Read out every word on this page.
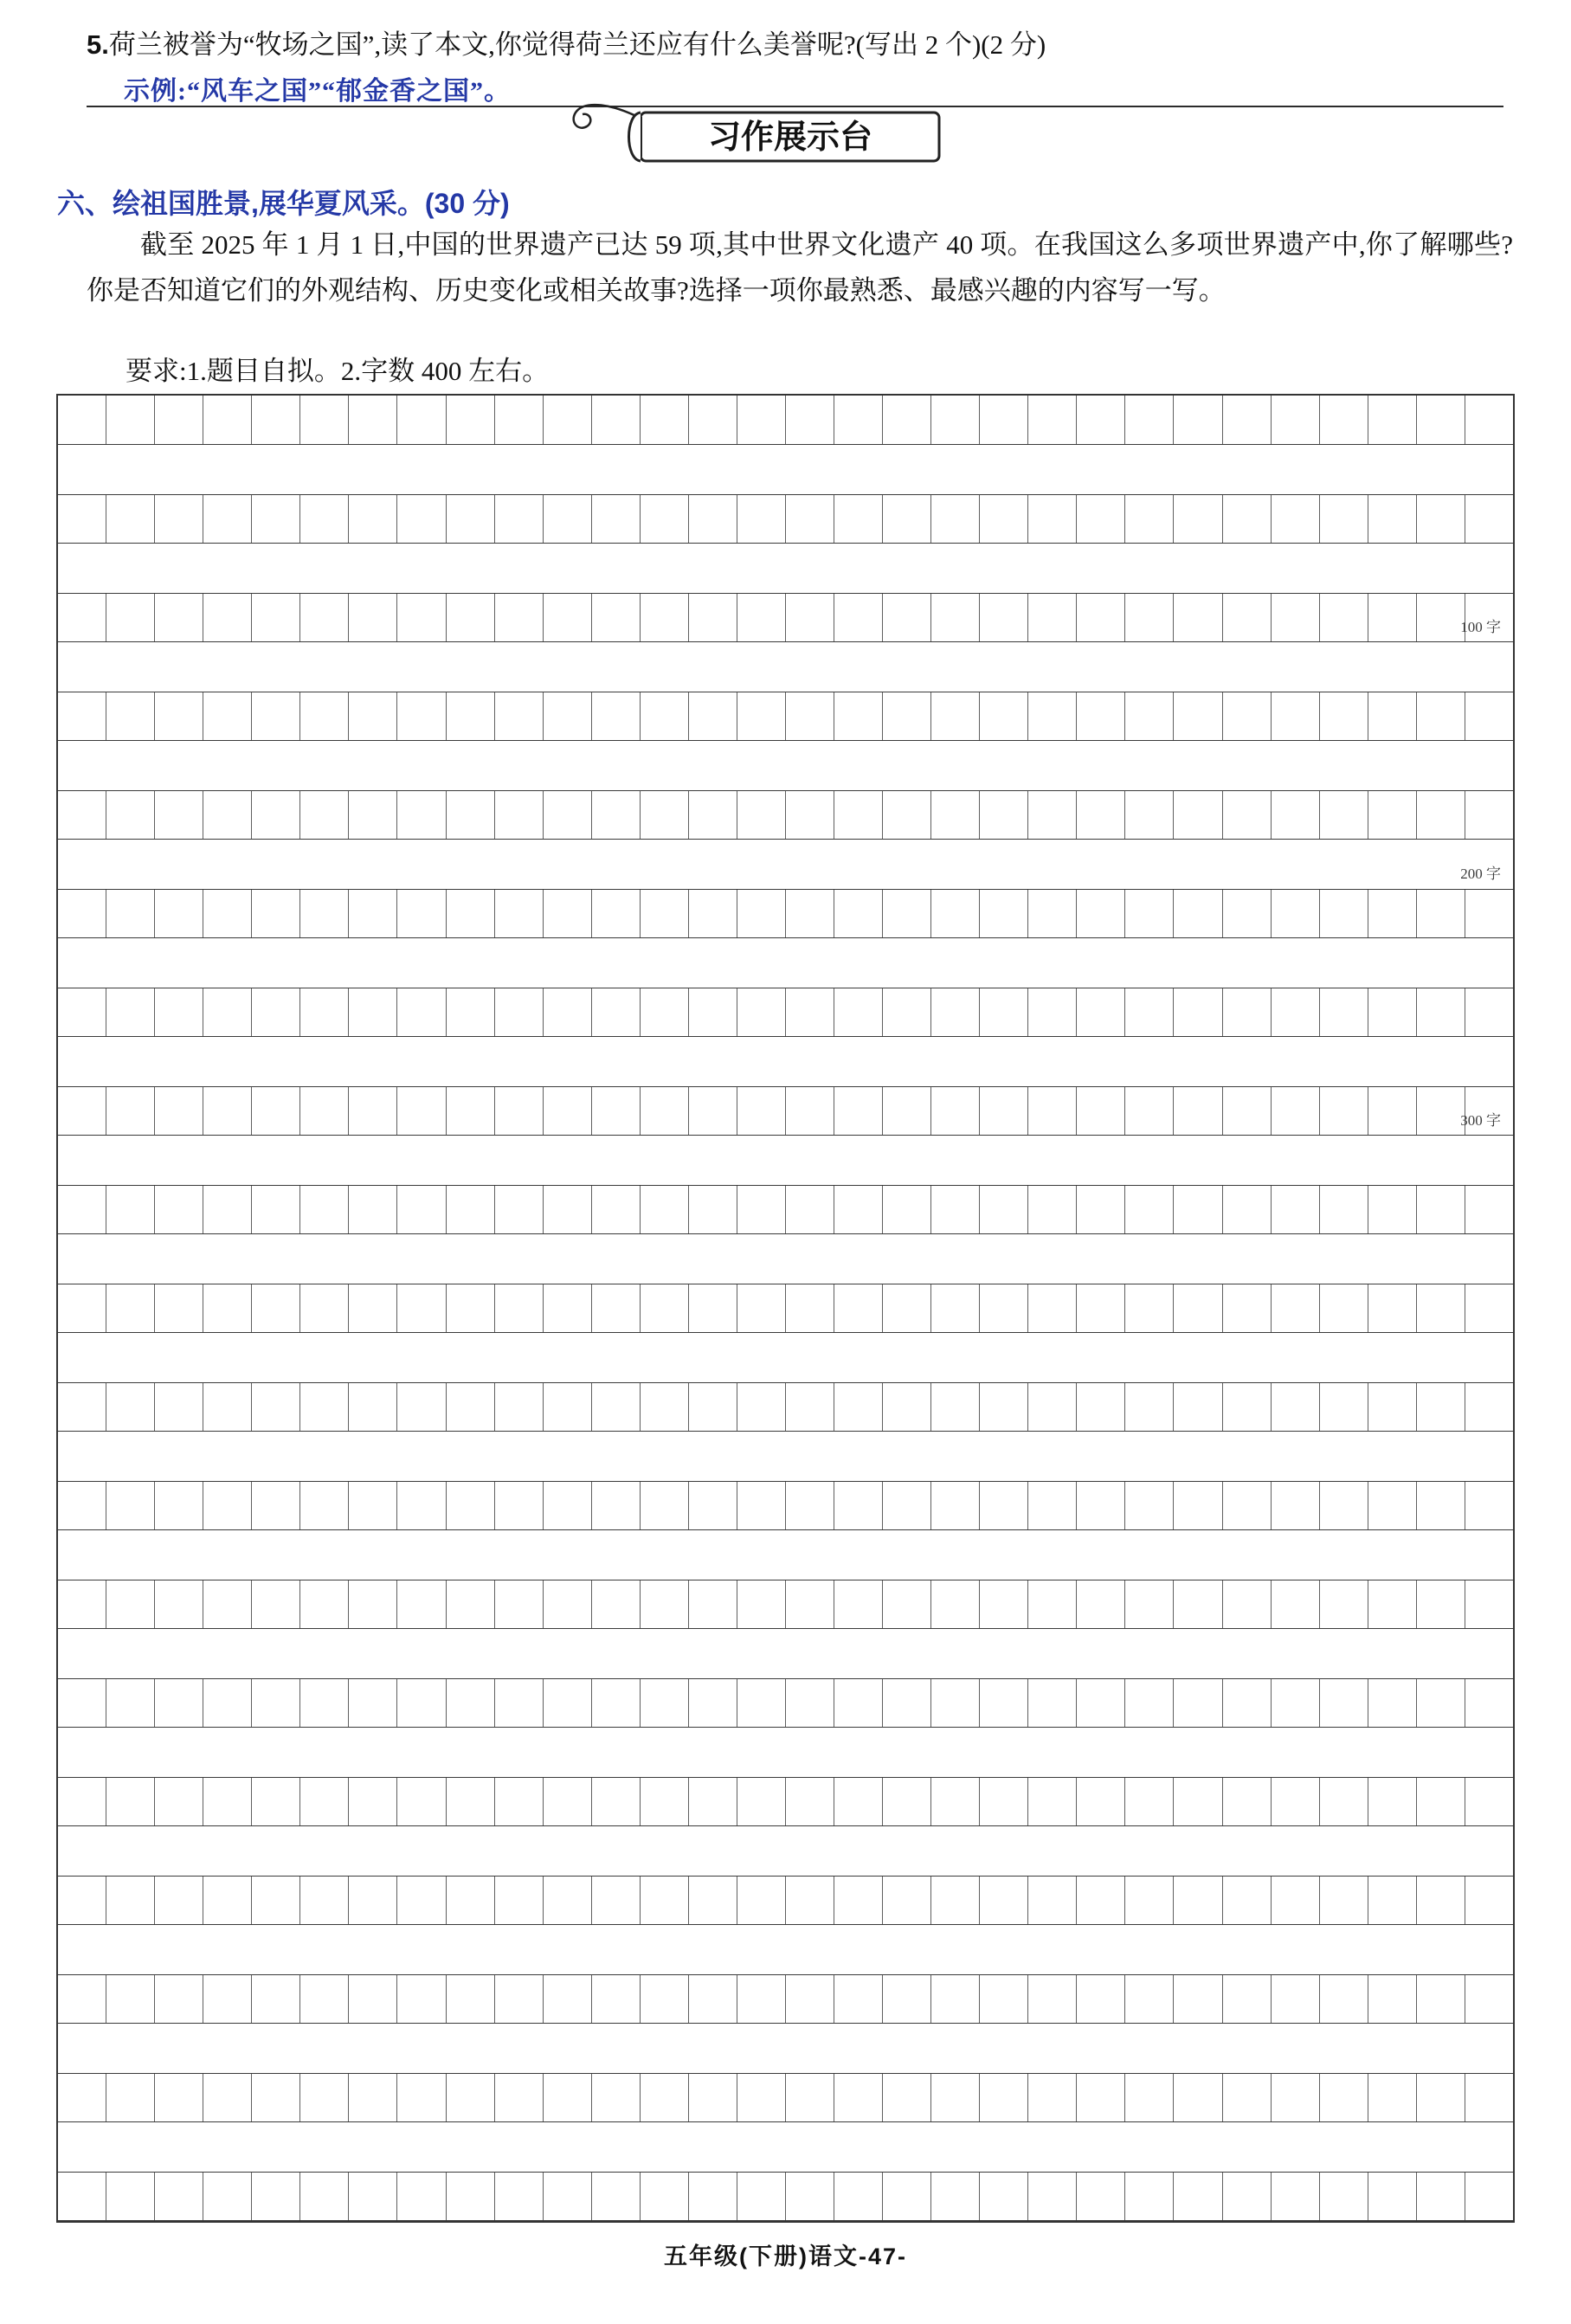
5.荷兰被誉为“牧场之国”,读了本文,你觉得荷兰还应有什么美誉呢?(写出 2 个)(2 分)
示例:“风车之国”“郁金香之国”。
习作展示台
六、绘祖国胜景,展华夏风采。(30 分)
截至 2025 年 1 月 1 日,中国的世界遗产已达 59 项,其中世界文化遗产 40 项。在我国这么多项世界遗产中,你了解哪些? 你是否知道它们的外观结构、历史变化或相关故事?选择一项你最熟悉、最感兴趣的内容写一写。
要求:1.题目自拟。2.字数 400 左右。
100 字
200 字
300 字
五年级(下册)语文-47-
